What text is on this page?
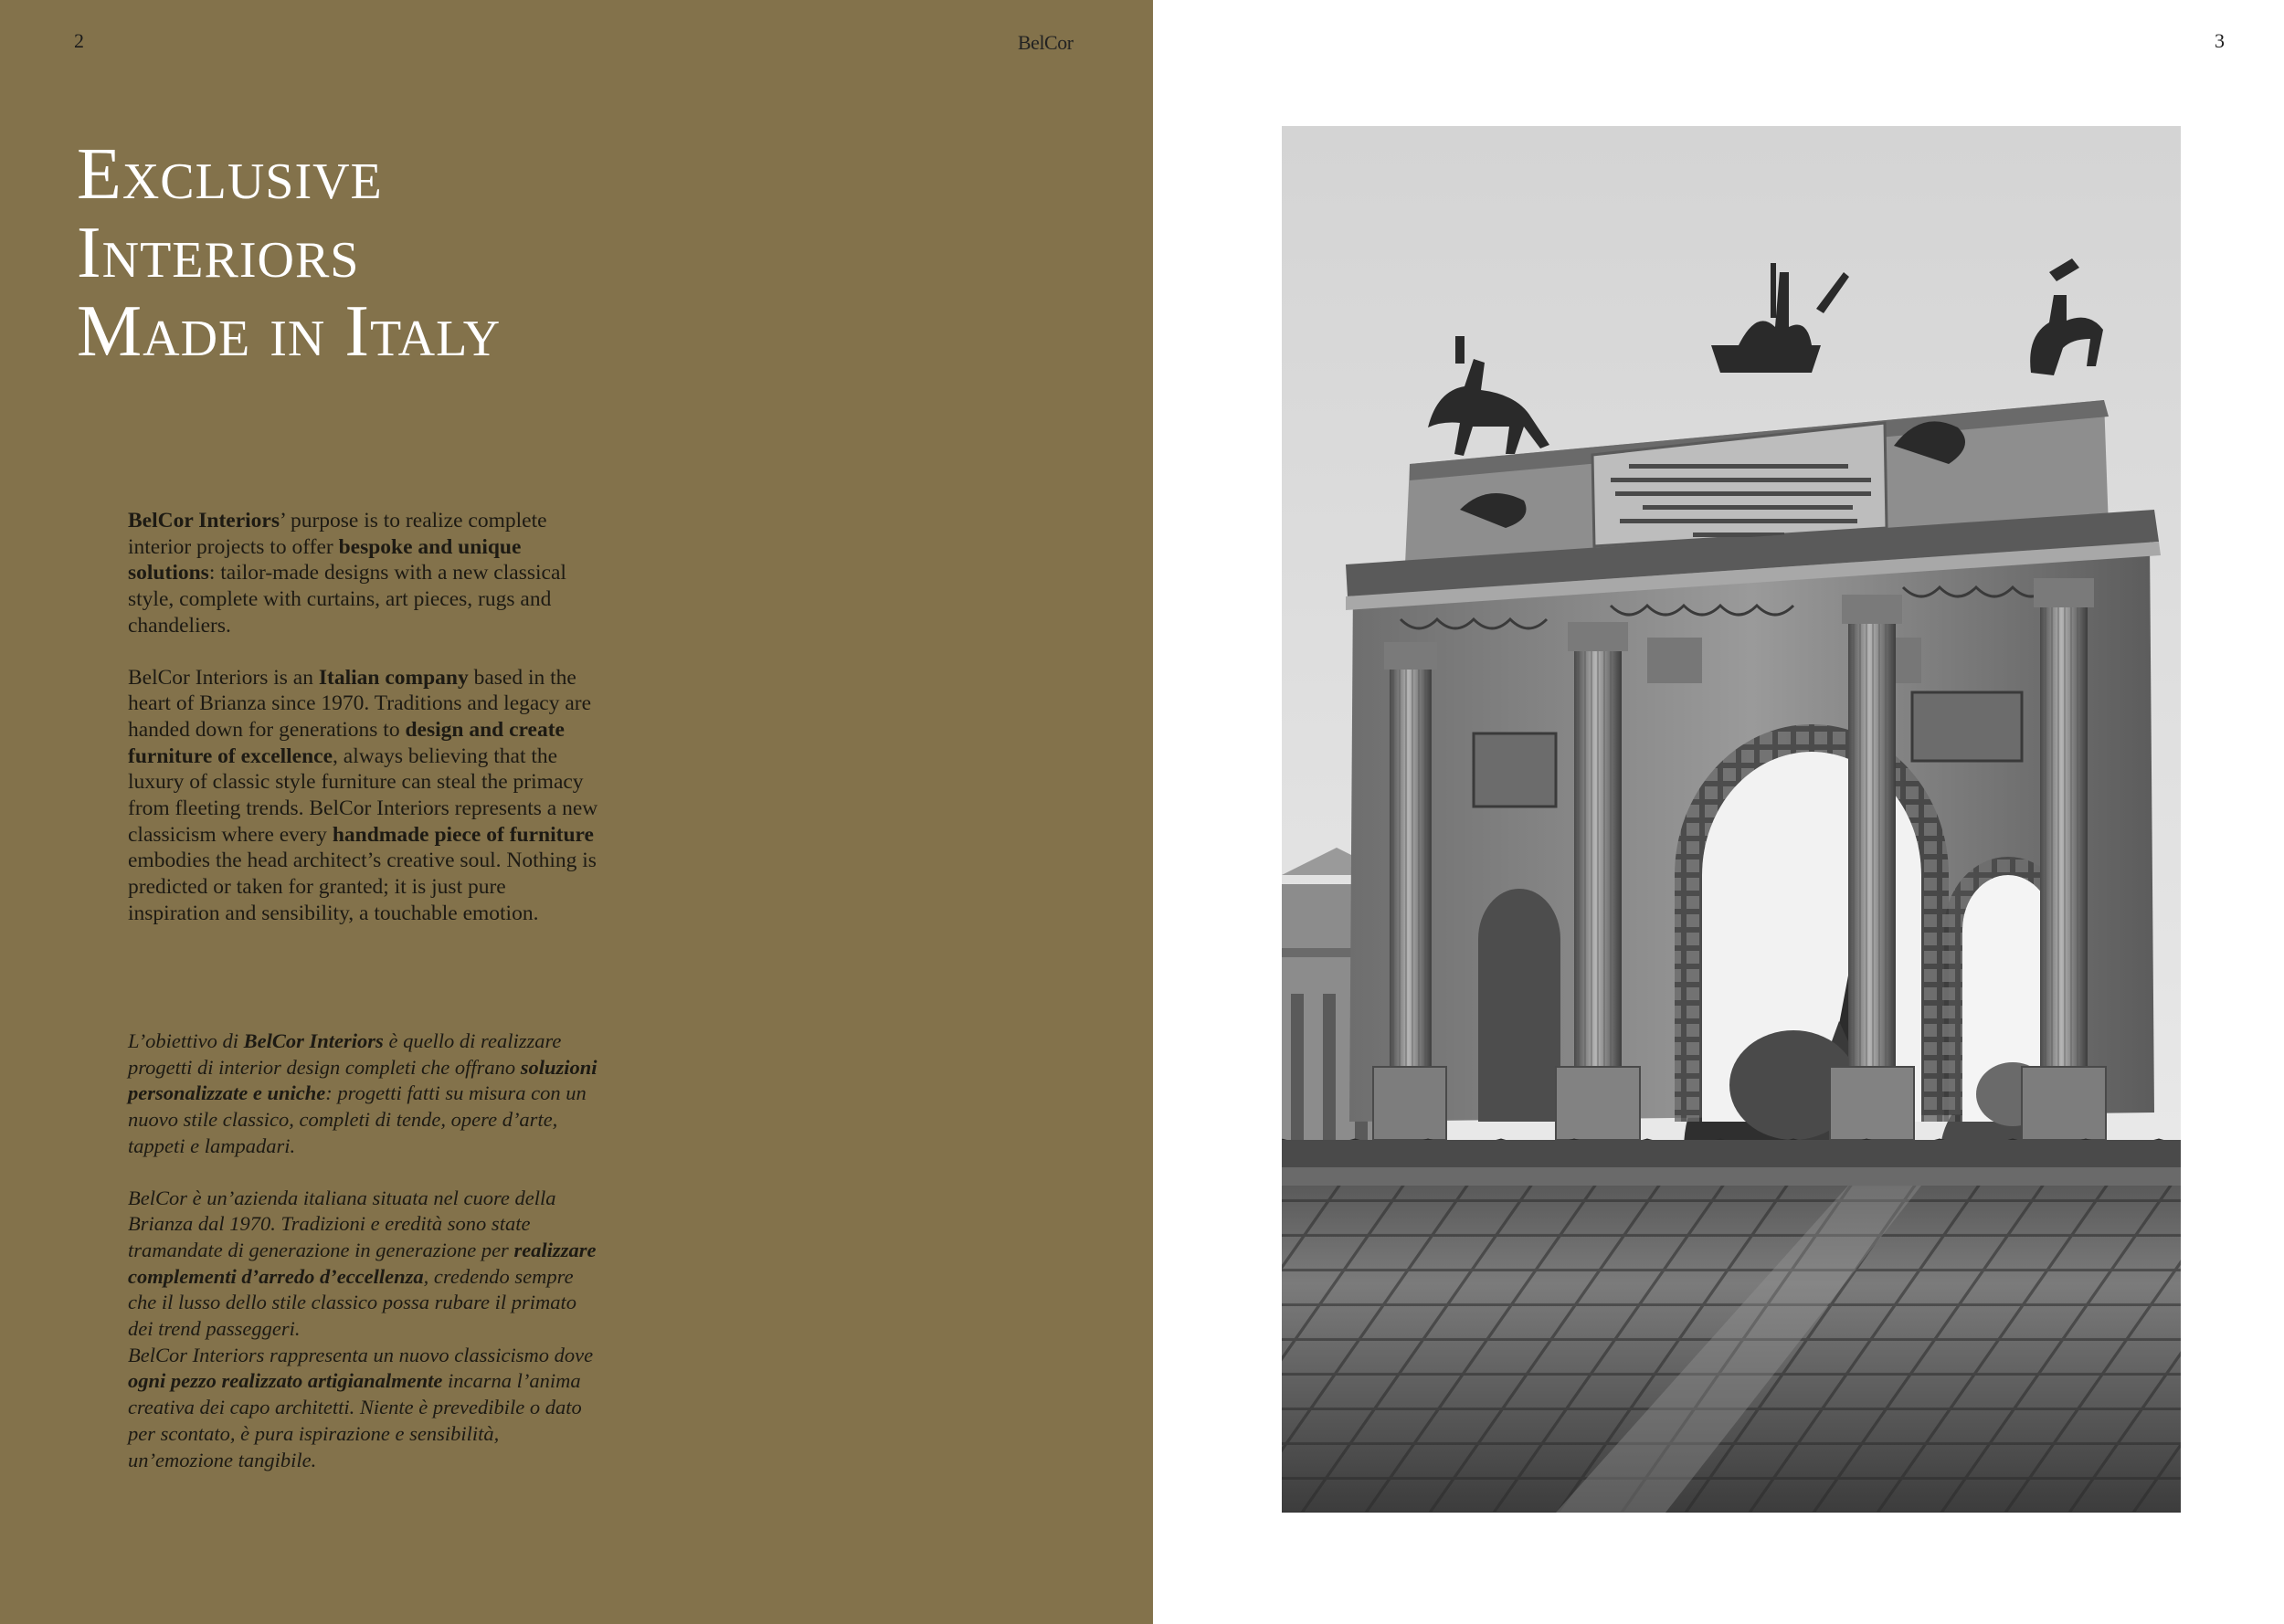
2	BelCor
Exclusive
Interiors
Made in Italy

BelCor Interiors’ purpose is to realize complete interior projects to offer bespoke and unique solutions: tailor-made designs with a new classical style, complete with curtains, art pieces, rugs and chandeliers.

BelCor Interiors is an Italian company based in the heart of Brianza since 1970. Traditions and legacy are handed down for generations to design and create furniture of excellence, always believing that the luxury of classic style furniture can steal the primacy from fleeting trends. BelCor Interiors represents a new classicism where every handmade piece of furniture embodies the head architect’s creative soul. Nothing is predicted or taken for granted; it is just pure inspiration and sensibility, a touchable emotion.

L’obiettivo di BelCor Interiors è quello di realizzare progetti di interior design completi che offrano soluzioni personalizzate e uniche: progetti fatti su misura con un nuovo stile classico, completi di tende, opere d’arte, tappeti e lampadari.

BelCor è un’azienda italiana situata nel cuore della Brianza dal 1970. Tradizioni e eredità sono state tramandate di generazione in generazione per realizzare complementi d’arredo d’eccellenza, credendo sempre che il lusso dello stile classico possa rubare il primato dei trend passeggeri.

BelCor Interiors rappresenta un nuovo classicismo dove ogni pezzo realizzato artigianalmente incarna l’anima creativa dei capo architetti. Niente è prevedibile o dato per scontato, è pura ispirazione e sensibilità, un’emozione tangibile.

3
